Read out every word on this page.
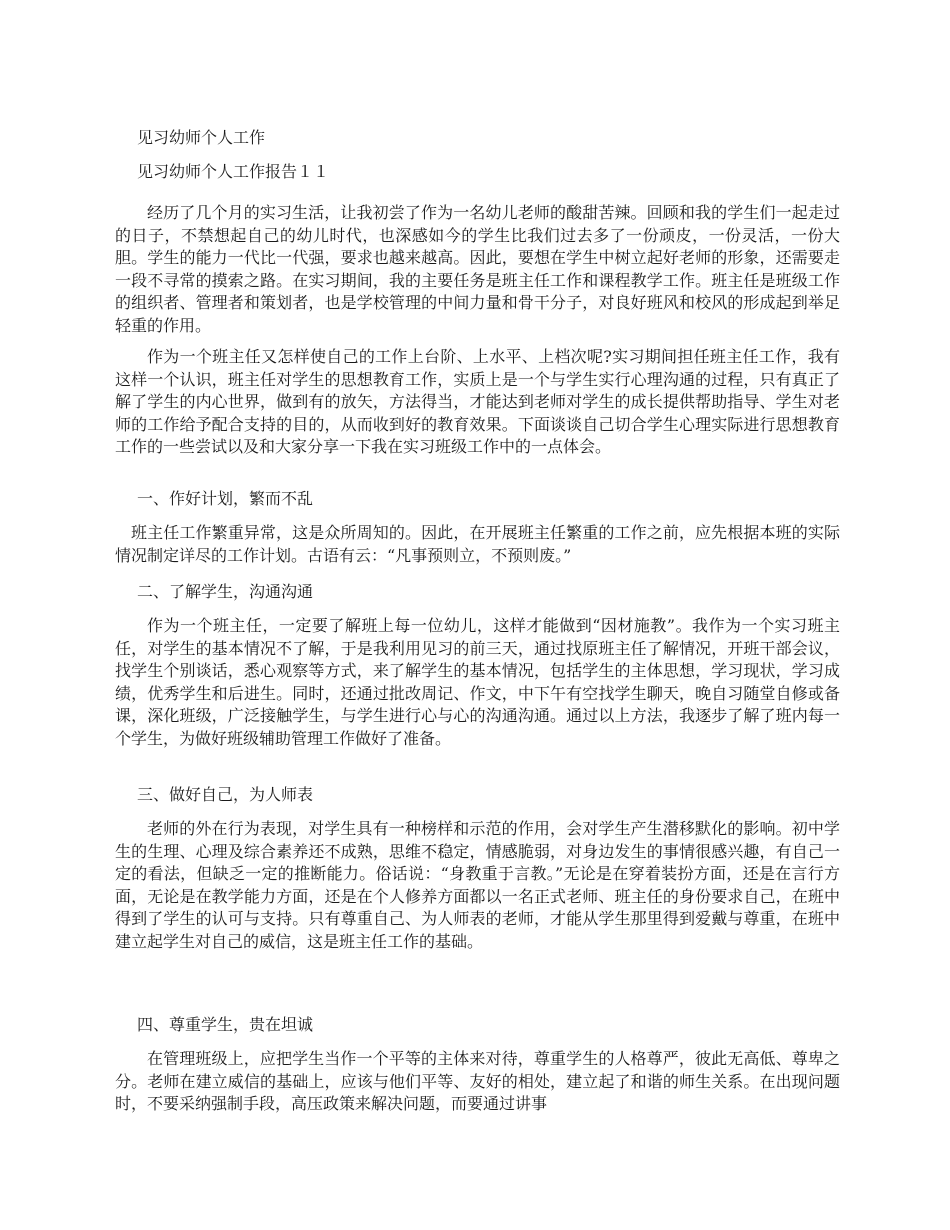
见习幼师个人工作
见习幼师个人工作报告１１

经历了几个月的实习生活，让我初尝了作为一名幼儿老师的酸甜苦辣。回顾和我的学生们一起走过的日子，不禁想起自己的幼儿时代，也深感如今的学生比我们过去多了一份顽皮，一份灵活，一份大胆。学生的能力一代比一代强，要求也越来越高。因此，要想在学生中树立起好老师的形象，还需要走一段不寻常的摸索之路。在实习期间，我的主要任务是班主任工作和课程教学工作。班主任是班级工作的组织者、管理者和策划者，也是学校管理的中间力量和骨干分子，对良好班风和校风的形成起到举足轻重的作用。

作为一个班主任又怎样使自己的工作上台阶、上水平、上档次呢?实习期间担任班主任工作，我有这样一个认识，班主任对学生的思想教育工作，实质上是一个与学生实行心理沟通的过程，只有真正了解了学生的内心世界，做到有的放矢，方法得当，才能达到老师对学生的成长提供帮助指导、学生对老师的工作给予配合支持的目的，从而收到好的教育效果。下面谈谈自己切合学生心理实际进行思想教育工作的一些尝试以及和大家分享一下我在实习班级工作中的一点体会。

一、作好计划，繁而不乱

班主任工作繁重异常，这是众所周知的。因此，在开展班主任繁重的工作之前，应先根据本班的实际情况制定详尽的工作计划。古语有云：“凡事预则立，不预则废。”

二、了解学生，沟通沟通

作为一个班主任，一定要了解班上每一位幼儿，这样才能做到“因材施教”。我作为一个实习班主任，对学生的基本情况不了解，于是我利用见习的前三天，通过找原班主任了解情况，开班干部会议，找学生个别谈话，悉心观察等方式，来了解学生的基本情况，包括学生的主体思想，学习现状，学习成绩，优秀学生和后进生。同时，还通过批改周记、作文，中下午有空找学生聊天，晚自习随堂自修或备课，深化班级，广泛接触学生，与学生进行心与心的沟通沟通。通过以上方法，我逐步了解了班内每一个学生，为做好班级辅助管理工作做好了准备。

三、做好自己，为人师表

老师的外在行为表现，对学生具有一种榜样和示范的作用，会对学生产生潜移默化的影响。初中学生的生理、心理及综合素养还不成熟，思维不稳定，情感脆弱，对身边发生的事情很感兴趣，有自己一定的看法，但缺乏一定的推断能力。俗话说：“身教重于言教。”无论是在穿着装扮方面，还是在言行方面，无论是在教学能力方面，还是在个人修养方面都以一名正式老师、班主任的身份要求自己，在班中得到了学生的认可与支持。只有尊重自己、为人师表的老师，才能从学生那里得到爱戴与尊重，在班中建立起学生对自己的威信，这是班主任工作的基础。

四、尊重学生，贵在坦诚

在管理班级上，应把学生当作一个平等的主体来对待，尊重学生的人格尊严，彼此无高低、尊卑之分。老师在建立威信的基础上，应该与他们平等、友好的相处，建立起了和谐的师生关系。在出现问题时，不要采纳强制手段，高压政策来解决问题，而要通过讲事
